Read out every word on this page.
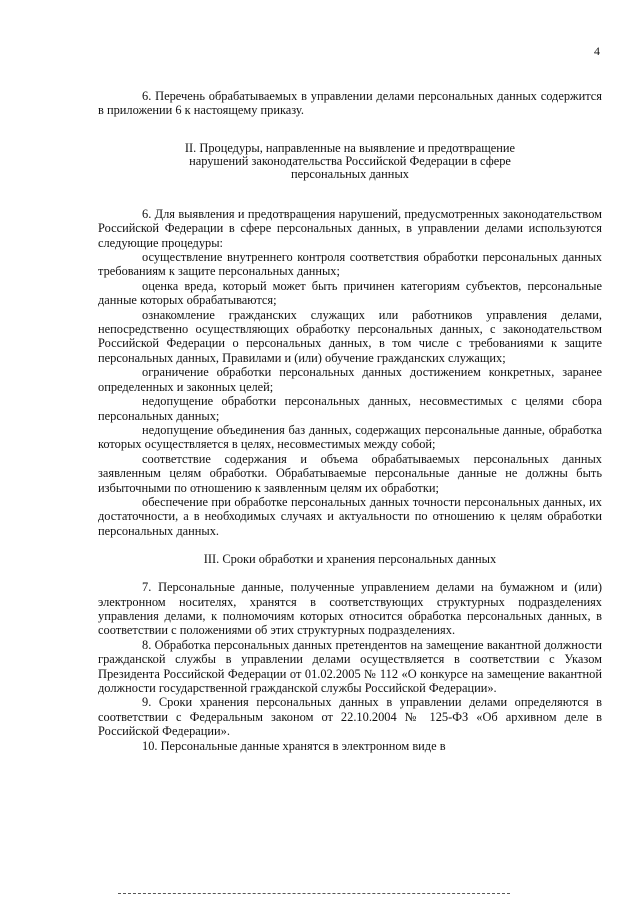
4

6. Перечень обрабатываемых в управлении делами персональных данных содержится в приложении 6 к настоящему приказу.

II. Процедуры, направленные на выявление и предотвращение
нарушений законодательства Российской Федерации в сфере
персональных данных

6. Для выявления и предотвращения нарушений, предусмотренных законодательством Российской Федерации в сфере персональных данных, в управлении делами используются следующие процедуры:

осуществление внутреннего контроля соответствия обработки персональных данных требованиям к защите персональных данных;

оценка вреда, который может быть причинен категориям субъектов, персональные данные которых обрабатываются;

ознакомление гражданских служащих или работников управления делами, непосредственно осуществляющих обработку персональных данных, с законодательством Российской Федерации о персональных данных, в том числе с требованиями к защите персональных данных, Правилами и (или) обучение гражданских служащих;

ограничение обработки персональных данных достижением конкретных, заранее определенных и законных целей;

недопущение обработки персональных данных, несовместимых с целями сбора персональных данных;

недопущение объединения баз данных, содержащих персональные данные, обработка которых осуществляется в целях, несовместимых между собой;

соответствие содержания и объема обрабатываемых персональных данных заявленным целям обработки. Обрабатываемые персональные данные не должны быть избыточными по отношению к заявленным целям их обработки;

обеспечение при обработке персональных данных точности персональных данных, их достаточности, а в необходимых случаях и актуальности по отношению к целям обработки персональных данных.

III. Сроки обработки и хранения персональных данных

7. Персональные данные, полученные управлением делами на бумажном и (или) электронном носителях, хранятся в соответствующих структурных подразделениях управления делами, к полномочиям которых относится обработка персональных данных, в соответствии с положениями об этих структурных подразделениях.

8. Обработка персональных данных претендентов на замещение вакантной должности гражданской службы в управлении делами осуществляется в соответствии с Указом Президента Российской Федерации от 01.02.2005 № 112 «О конкурсе на замещение вакантной должности государственной гражданской службы Российской Федерации».

9. Сроки хранения персональных данных в управлении делами определяются в соответствии с Федеральным законом от 22.10.2004 № 125-ФЗ «Об архивном деле в Российской Федерации».

10. Персональные данные хранятся в электронном виде в
